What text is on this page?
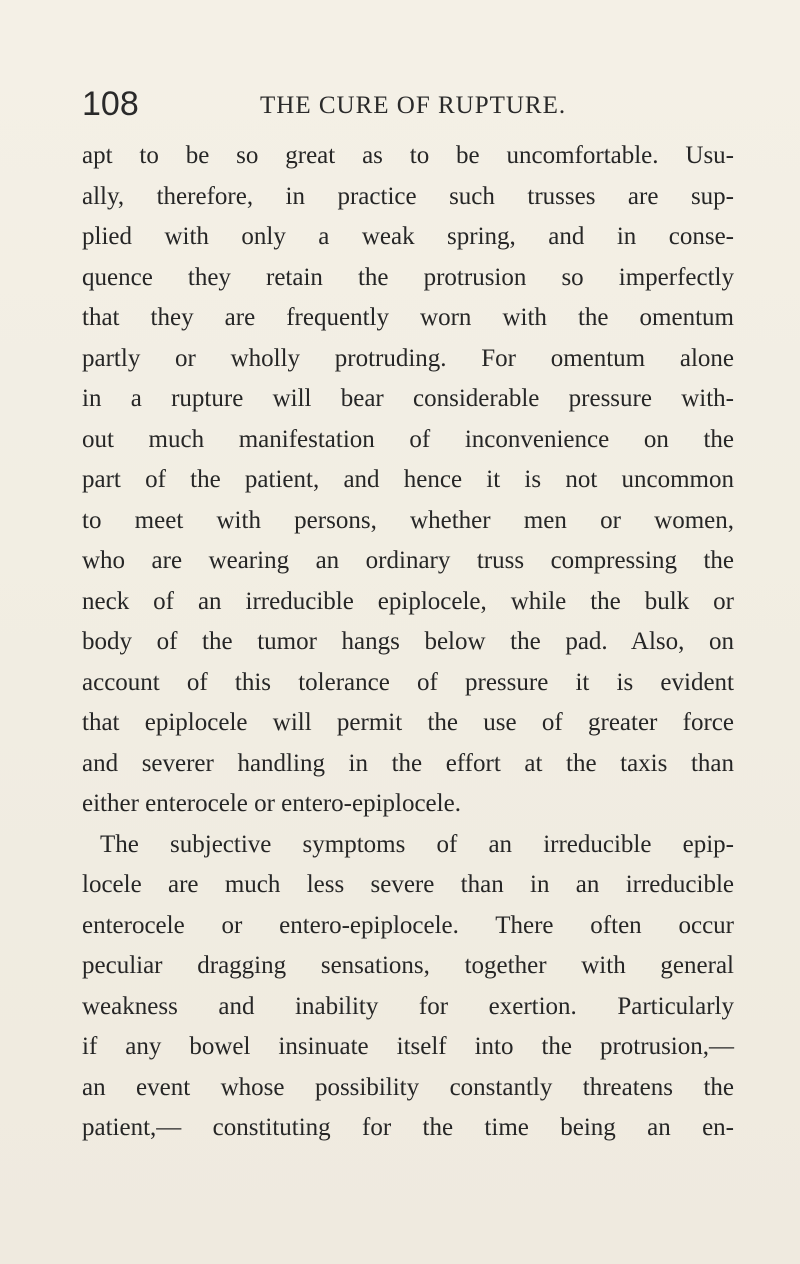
108	THE CURE OF RUPTURE.
apt to be so great as to be uncomfortable. Usu-
ally, therefore, in practice such trusses are sup-
plied with only a weak spring, and in conse-
quence they retain the protrusion so imperfectly
that they are frequently worn with the omentum
partly or wholly protruding. For omentum alone
in a rupture will bear considerable pressure with-
out much manifestation of inconvenience on the
part of the patient, and hence it is not uncommon
to meet with persons, whether men or women,
who are wearing an ordinary truss compressing the
neck of an irreducible epiplocele, while the bulk or
body of the tumor hangs below the pad. Also, on
account of this tolerance of pressure it is evident
that epiplocele will permit the use of greater force
and severer handling in the effort at the taxis than
either enterocele or entero-epiplocele.
The subjective symptoms of an irreducible epip-
locele are much less severe than in an irreducible
enterocele or entero-epiplocele. There often occur
peculiar dragging sensations, together with general
weakness and inability for exertion. Particularly
if any bowel insinuate itself into the protrusion,—
an event whose possibility constantly threatens the
patient,— constituting for the time being an en-
